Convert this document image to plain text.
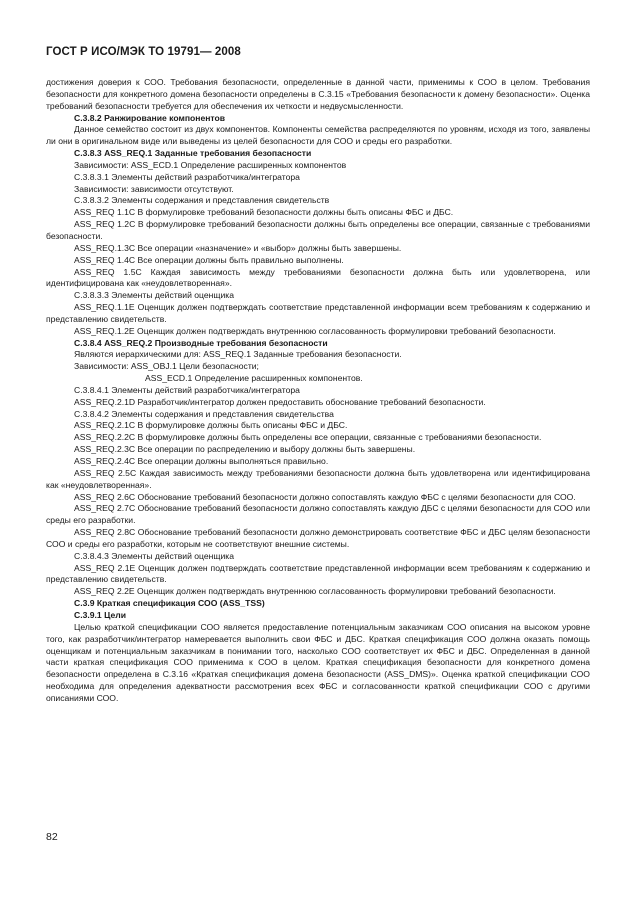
ГОСТ Р ИСО/МЭК ТО 19791— 2008

достижения доверия к СОО. Требования безопасности, определенные в данной части, применимы к СОО в целом. Требования безопасности для конкретного домена безопасности определены в С.3.15 «Требования безопасности к домену безопасности». Оценка требований безопасности требуется для обеспечения их четкости и недвусмысленности.

С.3.8.2 Ранжирование компонентов

Данное семейство состоит из двух компонентов. Компоненты семейства распределяются по уровням, исходя из того, заявлены ли они в оригинальном виде или выведены из целей безопасности для СОО и среды его разработки.

С.3.8.3 ASS_REQ.1 Заданные требования безопасности

Зависимости: ASS_ECD.1 Определение расширенных компонентов

С.3.8.3.1 Элементы действий разработчика/интегратора

Зависимости: зависимости отсутствуют.

С.3.8.3.2 Элементы содержания и представления свидетельств

ASS_REQ 1.1С В формулировке требований безопасности должны быть описаны ФБС и ДБС.

ASS_REQ 1.2С В формулировке требований безопасности должны быть определены все операции, связанные с требованиями безопасности.

ASS_REQ.1.3С Все операции «назначение» и «выбор» должны быть завершены.

ASS_REQ 1.4С Все операции должны быть правильно выполнены.

ASS_REQ 1.5С Каждая зависимость между требованиями безопасности должна быть или удовлетворена, или идентифицирована как «неудовлетворенная».

С.3.8.3.3 Элементы действий оценщика

ASS_REQ.1.1Е Оценщик должен подтверждать соответствие представленной информации всем требованиям к содержанию и представлению свидетельств.

ASS_REQ.1.2Е Оценщик должен подтверждать внутреннюю согласованность формулировки требований безопасности.

С.3.8.4 ASS_REQ.2 Производные требования безопасности

Являются иерархическими для: ASS_REQ.1 Заданные требования безопасности.

Зависимости: ASS_OBJ.1 Цели безопасности;

ASS_ECD.1 Определение расширенных компонентов.

С.3.8.4.1 Элементы действий разработчика/интегратора

ASS_REQ.2.1D Разработчик/интегратор должен предоставить обоснование требований безопасности.

С.3.8.4.2 Элементы содержания и представления свидетельства

ASS_REQ.2.1С В формулировке должны быть описаны ФБС и ДБС.

ASS_REQ.2.2С В формулировке должны быть определены все операции, связанные с требованиями безопасности.

ASS_REQ.2.3С Все операции по распределению и выбору должны быть завершены.

ASS_REQ.2.4С Все операции должны выполняться правильно.

ASS_REQ 2.5С Каждая зависимость между требованиями безопасности должна быть удовлетворена или идентифицирована как «неудовлетворенная».

ASS_REQ 2.6С Обоснование требований безопасности должно сопоставлять каждую ФБС с целями безопасности для СОО.

ASS_REQ 2.7С Обоснование требований безопасности должно сопоставлять каждую ДБС с целями безопасности для СОО или среды его разработки.

ASS_REQ 2.8С Обоснование требований безопасности должно демонстрировать соответствие ФБС и ДБС целям безопасности СОО и среды его разработки, которым не соответствуют внешние системы.

С.3.8.4.3 Элементы действий оценщика

ASS_REQ 2.1Е Оценщик должен подтверждать соответствие представленной информации всем требованиям к содержанию и представлению свидетельств.

ASS_REQ 2.2Е Оценщик должен подтверждать внутреннюю согласованность формулировки требований безопасности.

С.3.9 Краткая спецификация СОО (ASS_TSS)

С.3.9.1 Цели

Целью краткой спецификации СОО является предоставление потенциальным заказчикам СОО описания на высоком уровне того, как разработчик/интегратор намеревается выполнить свои ФБС и ДБС. Краткая спецификация СОО должна оказать помощь оценщикам и потенциальным заказчикам в понимании того, насколько СОО соответствует их ФБС и ДБС. Определенная в данной части краткая спецификация СОО применима к СОО в целом. Краткая спецификация безопасности для конкретного домена безопасности определена в С.3.16 «Краткая спецификация домена безопасности (ASS_DMS)». Оценка краткой спецификации СОО необходима для определения адекватности рассмотрения всех ФБС и согласованности краткой спецификации СОО с другими описаниями СОО.

82
